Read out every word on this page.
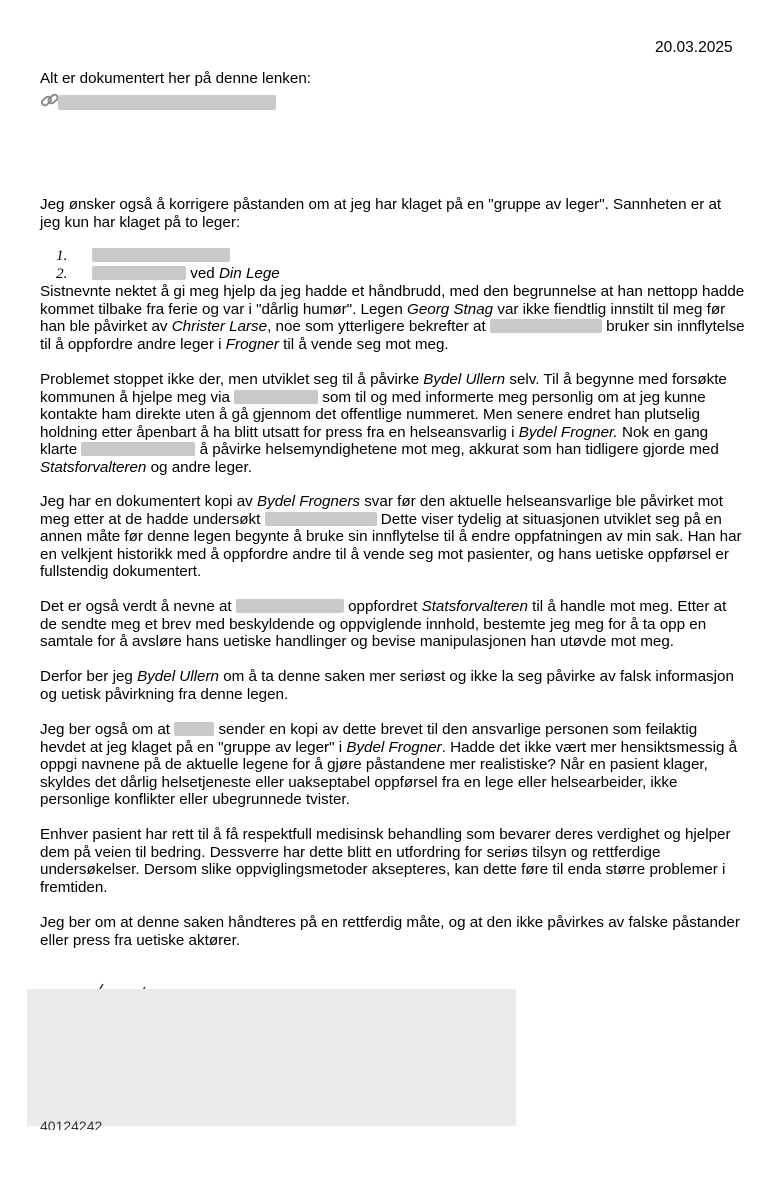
20.03.2025
Alt er dokumentert her på denne lenken:

Jeg ønsker også å korrigere påstanden om at jeg har klaget på en "gruppe av leger". Sannheten er at jeg kun har klaget på to leger:

1.
2.	ved Din Lege

Sistnevnte nektet å gi meg hjelp da jeg hadde et håndbrudd, med den begrunnelse at han nettopp hadde kommet tilbake fra ferie og var i "dårlig humør". Legen Georg Stnag var ikke fiendtlig innstilt til meg før han ble påvirket av Christer Larse, noe som ytterligere bekrefter at	bruker sin innflytelse til å oppfordre andre leger i Frogner til å vende seg mot meg.

Problemet stoppet ikke der, men utviklet seg til å påvirke Bydel Ullern selv. Til å begynne med forsøkte kommunen å hjelpe meg via	som til og med informerte meg personlig om at jeg kunne kontakte ham direkte uten å gå gjennom det offentlige nummeret. Men senere endret han plutselig holdning etter åpenbart å ha blitt utsatt for press fra en helseansvarlig i Bydel Frogner. Nok en gang klarte	å påvirke helsemyndighetene mot meg, akkurat som han tidligere gjorde med Statsforvalteren og andre leger.

Jeg har en dokumentert kopi av Bydel Frogners svar før den aktuelle helseansvarlige ble påvirket mot meg etter at de hadde undersøkt	Dette viser tydelig at situasjonen utviklet seg på en annen måte før denne legen begynte å bruke sin innflytelse til å endre oppfatningen av min sak. Han har en velkjent historikk med å oppfordre andre til å vende seg mot pasienter, og hans uetiske oppførsel er fullstendig dokumentert.

Det er også verdt å nevne at	oppfordret Statsforvalteren til å handle mot meg. Etter at de sendte meg et brev med beskyldende og oppviglende innhold, bestemte jeg meg for å ta opp en samtale for å avsløre hans uetiske handlinger og bevise manipulasjonen han utøvde mot meg.

Derfor ber jeg Bydel Ullern om å ta denne saken mer seriøst og ikke la seg påvirke av falsk informasjon og uetisk påvirkning fra denne legen.

Jeg ber også om at	sender en kopi av dette brevet til den ansvarlige personen som feilaktig hevdet at jeg klaget på en "gruppe av leger" i Bydel Frogner. Hadde det ikke vært mer hensiktsmessig å oppgi navnene på de aktuelle legene for å gjøre påstandene mer realistiske? Når en pasient klager, skyldes det dårlig helsetjeneste eller uakseptabel oppførsel fra en lege eller helsearbeider, ikke personlige konflikter eller ubegrunnede tvister.

Enhver pasient har rett til å få respektfull medisinsk behandling som bevarer deres verdighet og hjelper dem på veien til bedring. Dessverre har dette blitt en utfordring for seriøs tilsyn og rettferdige undersøkelser. Dersom slike oppviglingsmetoder aksepteres, kan dette føre til enda større problemer i fremtiden.

Jeg ber om at denne saken håndteres på en rettferdig måte, og at den ikke påvirkes av falske påstander eller press fra uetiske aktører.

40124242
